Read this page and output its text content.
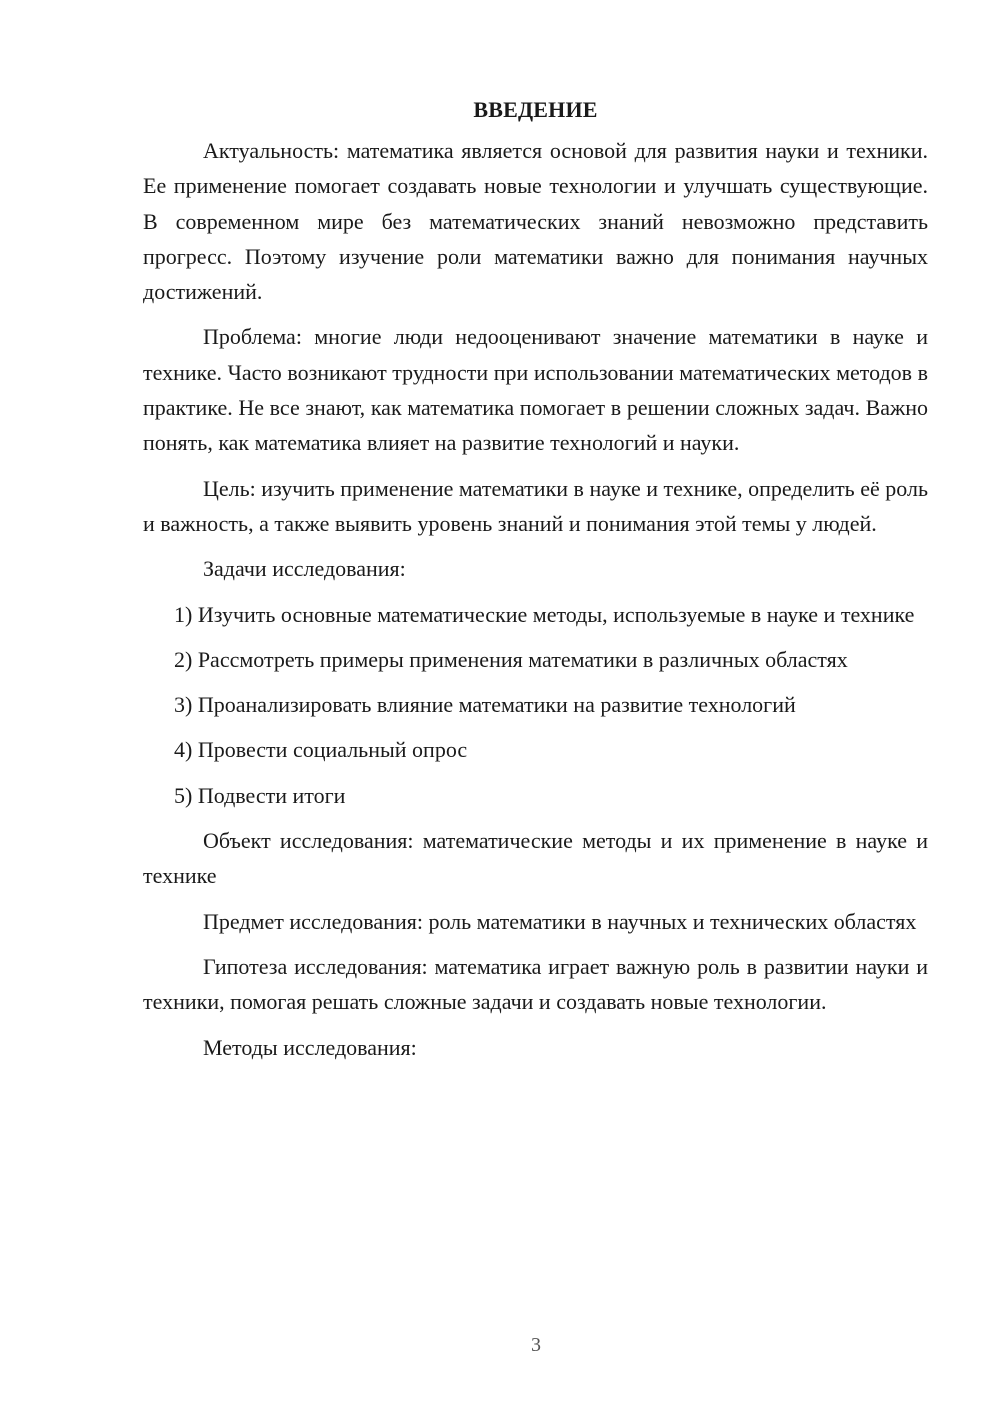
ВВЕДЕНИЕ

Актуальность: математика является основой для развития науки и техники. Ее применение помогает создавать новые технологии и улучшать существующие. В современном мире без математических знаний невозможно представить прогресс. Поэтому изучение роли математики важно для понимания научных достижений.

Проблема: многие люди недооценивают значение математики в науке и технике. Часто возникают трудности при использовании математических методов в практике. Не все знают, как математика помогает в решении сложных задач. Важно понять, как математика влияет на развитие технологий и науки.

Цель: изучить применение математики в науке и технике, определить её роль и важность, а также выявить уровень знаний и понимания этой темы у людей.

Задачи исследования:

1) Изучить основные математические методы, используемые в науке и технике

2) Рассмотреть примеры применения математики в различных областях

3) Проанализировать влияние математики на развитие технологий

4) Провести социальный опрос

5) Подвести итоги

Объект исследования: математические методы и их применение в науке и технике

Предмет исследования: роль математики в научных и технических областях

Гипотеза исследования: математика играет важную роль в развитии науки и техники, помогая решать сложные задачи и создавать новые технологии.

Методы исследования:

3
